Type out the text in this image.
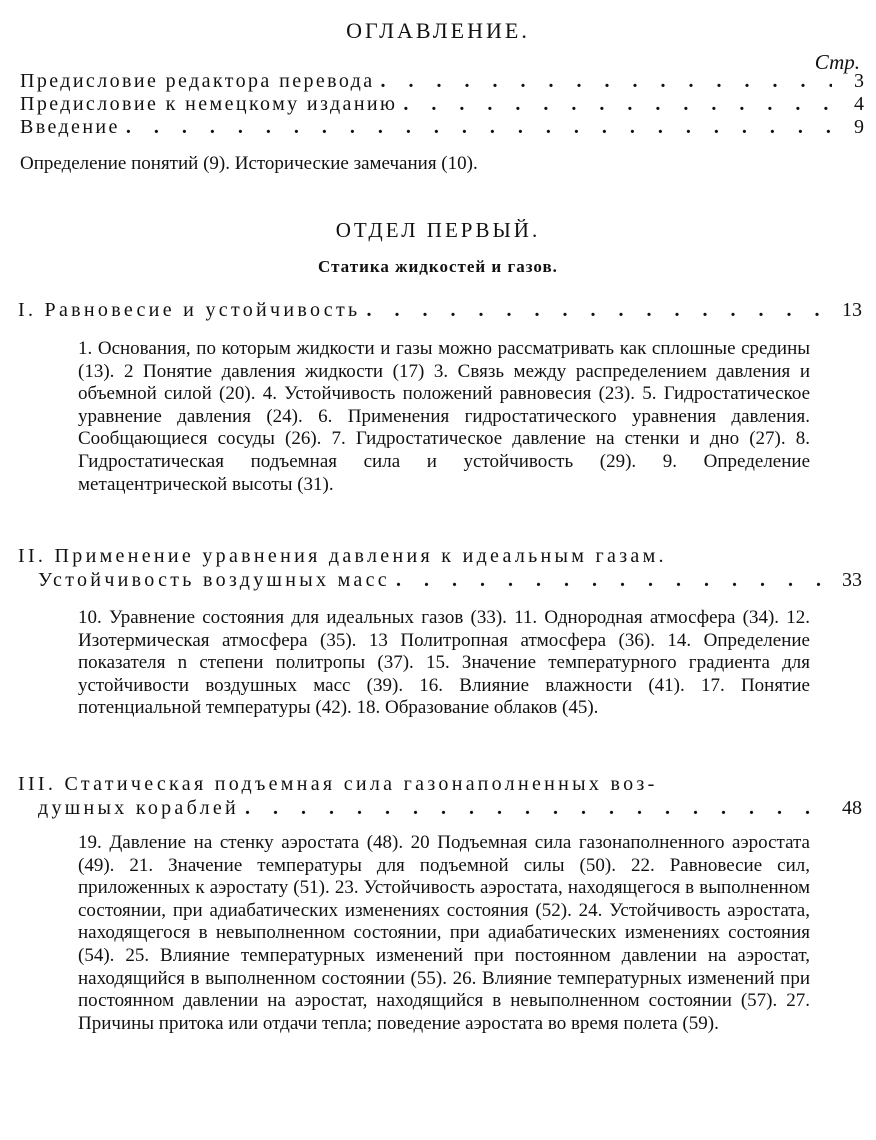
ОГЛАВЛЕНИЕ.
Стр.
Предисловие редактора перевода . . .	3
Предисловие к немецкому изданию . . .	4
Введение . . .	9
Определение понятий (9). Исторические замечания (10).
ОТДЕЛ ПЕРВЫЙ.
Статика жидкостей и газов.
I. Равновесие и устойчивость . . .	13
1. Основания, по которым жидкости и газы можно рассматривать как сплошные средины (13). 2 Понятие давления жидкости (17) 3. Связь между распределением давления и объемной силой (20). 4. Устойчивость положений равновесия (23). 5. Гидростатическое уравнение давления (24). 6. Применения гидростатического уравнения давления. Сообщающиеся сосуды (26). 7. Гидростатическое давление на стенки и дно (27). 8. Гидростатическая подъемная сила и устойчивость (29). 9. Определение метацентрической высоты (31).
II. Применение уравнения давления к идеальным газам.
Устойчивость воздушных масс . . .	33
10. Уравнение состояния для идеальных газов (33). 11. Однородная атмосфера (34). 12. Изотермическая атмосфера (35). 13 Политропная атмосфера (36). 14. Определение показателя n степени политропы (37). 15. Значение температурного градиента для устойчивости воздушных масс (39). 16. Влияние влажности (41). 17. Понятие потенциальной температуры (42). 18. Образование облаков (45).
III. Статическая подъемная сила газонаполненных воз-
душных кораблей . . .	48
19. Давление на стенку аэростата (48). 20 Подъемная сила газонаполненного аэростата (49). 21. Значение температуры для подъемной силы (50). 22. Равновесие сил, приложенных к аэростату (51). 23. Устойчивость аэростата, находящегося в выполненном состоянии, при адиабатических изменениях состояния (52). 24. Устойчивость аэростата, находящегося в невыполненном состоянии, при адиабатических изменениях состояния (54). 25. Влияние температурных изменений при постоянном давлении на аэростат, находящийся в выполненном состоянии (55). 26. Влияние температурных изменений при постоянном давлении на аэростат, находящийся в невыполненном состоянии (57). 27. Причины притока или отдачи тепла; поведение аэростата во время полета (59).
